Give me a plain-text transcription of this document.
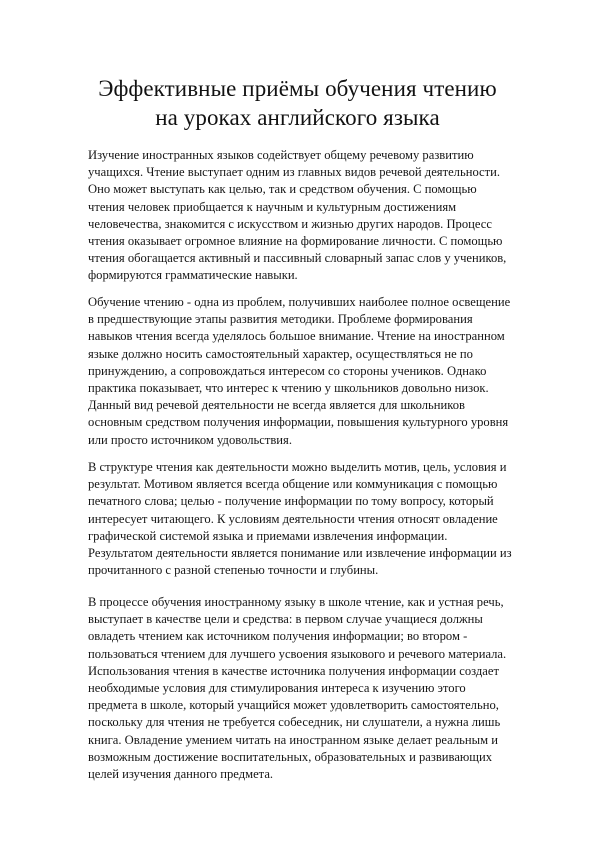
Эффективные приёмы обучения чтению
на уроках английского языка
Изучение иностранных языков содействует общему речевому развитию
учащихся. Чтение выступает одним из главных видов речевой деятельности.
Оно может выступать как целью, так и средством обучения. С помощью
чтения человек приобщается к научным и культурным достижениям
человечества, знакомится с искусством и жизнью других народов. Процесс
чтения оказывает огромное влияние на формирование личности. С помощью
чтения обогащается активный и пассивный словарный запас слов у учеников,
формируются грамматические навыки.
Обучение чтению - одна из проблем, получивших наиболее полное освещение
в предшествующие этапы развития методики. Проблеме формирования
навыков чтения всегда уделялось большое внимание. Чтение на иностранном
языке должно носить самостоятельный характер, осуществляться не по
принуждению, а сопровождаться интересом со стороны учеников. Однако
практика показывает, что интерес к чтению у школьников довольно низок.
Данный вид речевой деятельности не всегда является для школьников
основным средством получения информации, повышения культурного уровня
или просто источником удовольствия.
В структуре чтения как деятельности можно выделить мотив, цель, условия и
результат. Мотивом является всегда общение или коммуникация с помощью
печатного слова; целью - получение информации по тому вопросу, который
интересует читающего. К условиям деятельности чтения относят овладение
графической системой языка и приемами извлечения информации.
Результатом деятельности является понимание или извлечение информации из
прочитанного с разной степенью точности и глубины.
В процессе обучения иностранному языку в школе чтение, как и устная речь,
выступает в качестве цели и средства: в первом случае учащиеся должны
овладеть чтением как источником получения информации; во втором -
пользоваться чтением для лучшего усвоения языкового и речевого материала.
Использования чтения в качестве источника получения информации создает
необходимые условия для стимулирования интереса к изучению этого
предмета в школе, который учащийся может удовлетворить самостоятельно,
поскольку для чтения не требуется собеседник, ни слушатели, а нужна лишь
книга. Овладение умением читать на иностранном языке делает реальным и
возможным достижение воспитательных, образовательных и развивающих
целей изучения данного предмета.
